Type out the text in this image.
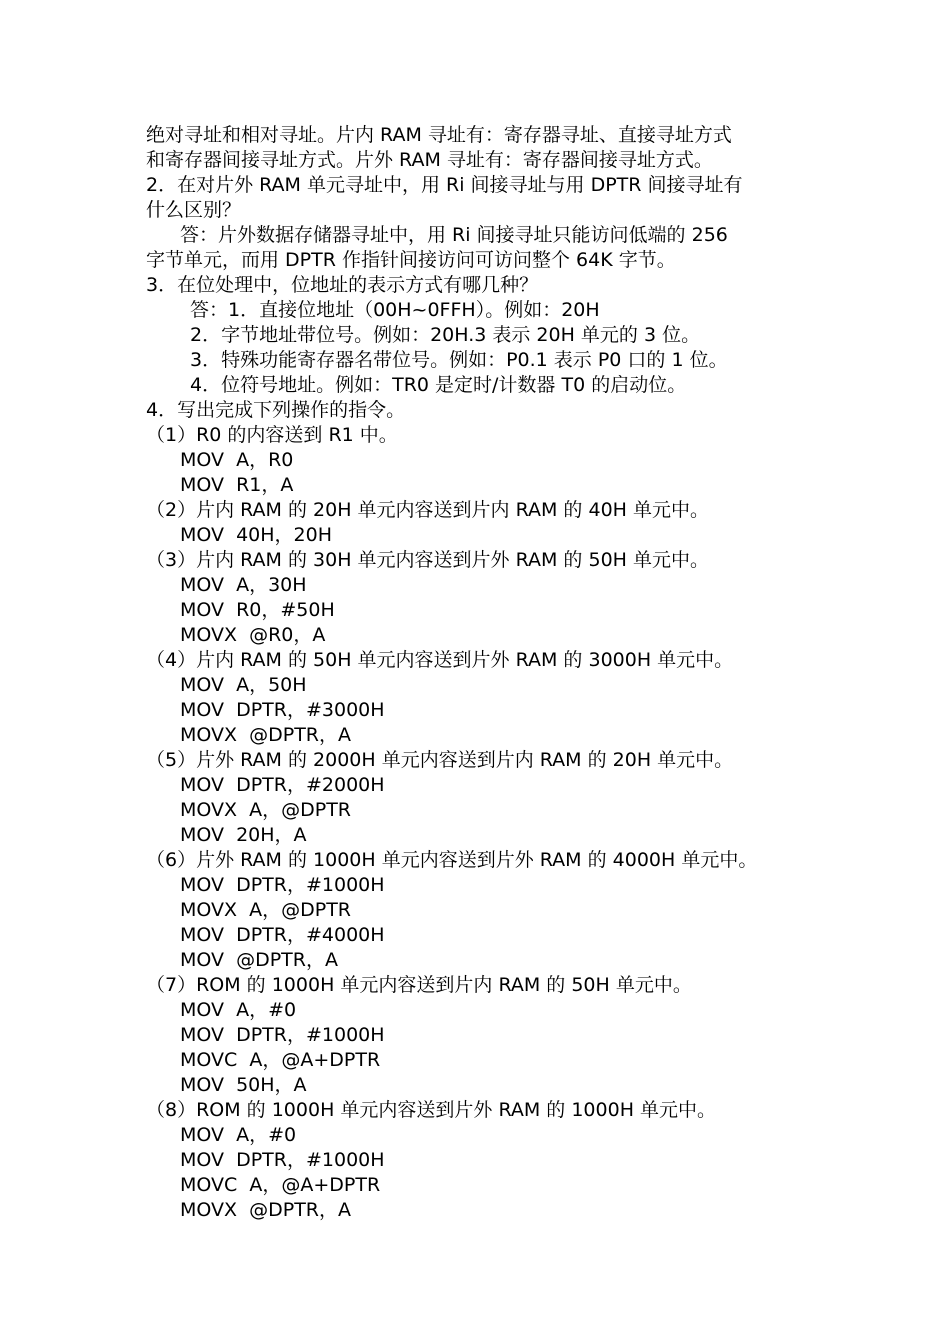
绝对寻址和相对寻址。片内 RAM 寻址有：寄存器寻址、直接寻址方式
和寄存器间接寻址方式。片外 RAM 寻址有：寄存器间接寻址方式。
2．在对片外 RAM 单元寻址中，用 Ri 间接寻址与用 DPTR 间接寻址有
什么区别？
答：片外数据存储器寻址中，用 Ri 间接寻址只能访问低端的 256
字节单元，而用 DPTR 作指针间接访问可访问整个 64K 字节。
3．在位处理中，位地址的表示方式有哪几种？
答：1．直接位地址（00H~0FFH）。例如：20H
2．字节地址带位号。例如：20H.3 表示 20H 单元的 3 位。
3．特殊功能寄存器名带位号。例如：P0.1 表示 P0 口的 1 位。
4．位符号地址。例如：TR0 是定时/计数器 T0 的启动位。
4．写出完成下列操作的指令。
（1）R0 的内容送到 R1 中。
MOV  A，R0
MOV  R1，A
（2）片内 RAM 的 20H 单元内容送到片内 RAM 的 40H 单元中。
MOV  40H，20H
（3）片内 RAM 的 30H 单元内容送到片外 RAM 的 50H 单元中。
MOV  A，30H
MOV  R0，#50H
MOVX  @R0，A
（4）片内 RAM 的 50H 单元内容送到片外 RAM 的 3000H 单元中。
MOV  A，50H
MOV  DPTR，#3000H
MOVX  @DPTR，A
（5）片外 RAM 的 2000H 单元内容送到片内 RAM 的 20H 单元中。
MOV  DPTR，#2000H
MOVX  A，@DPTR
MOV  20H，A
（6）片外 RAM 的 1000H 单元内容送到片外 RAM 的 4000H 单元中。
MOV  DPTR，#1000H
MOVX  A，@DPTR
MOV  DPTR，#4000H
MOV  @DPTR，A
（7）ROM 的 1000H 单元内容送到片内 RAM 的 50H 单元中。
MOV  A，#0
MOV  DPTR，#1000H
MOVC  A，@A+DPTR
MOV  50H，A
（8）ROM 的 1000H 单元内容送到片外 RAM 的 1000H 单元中。
MOV  A，#0
MOV  DPTR，#1000H
MOVC  A，@A+DPTR
MOVX  @DPTR，A
